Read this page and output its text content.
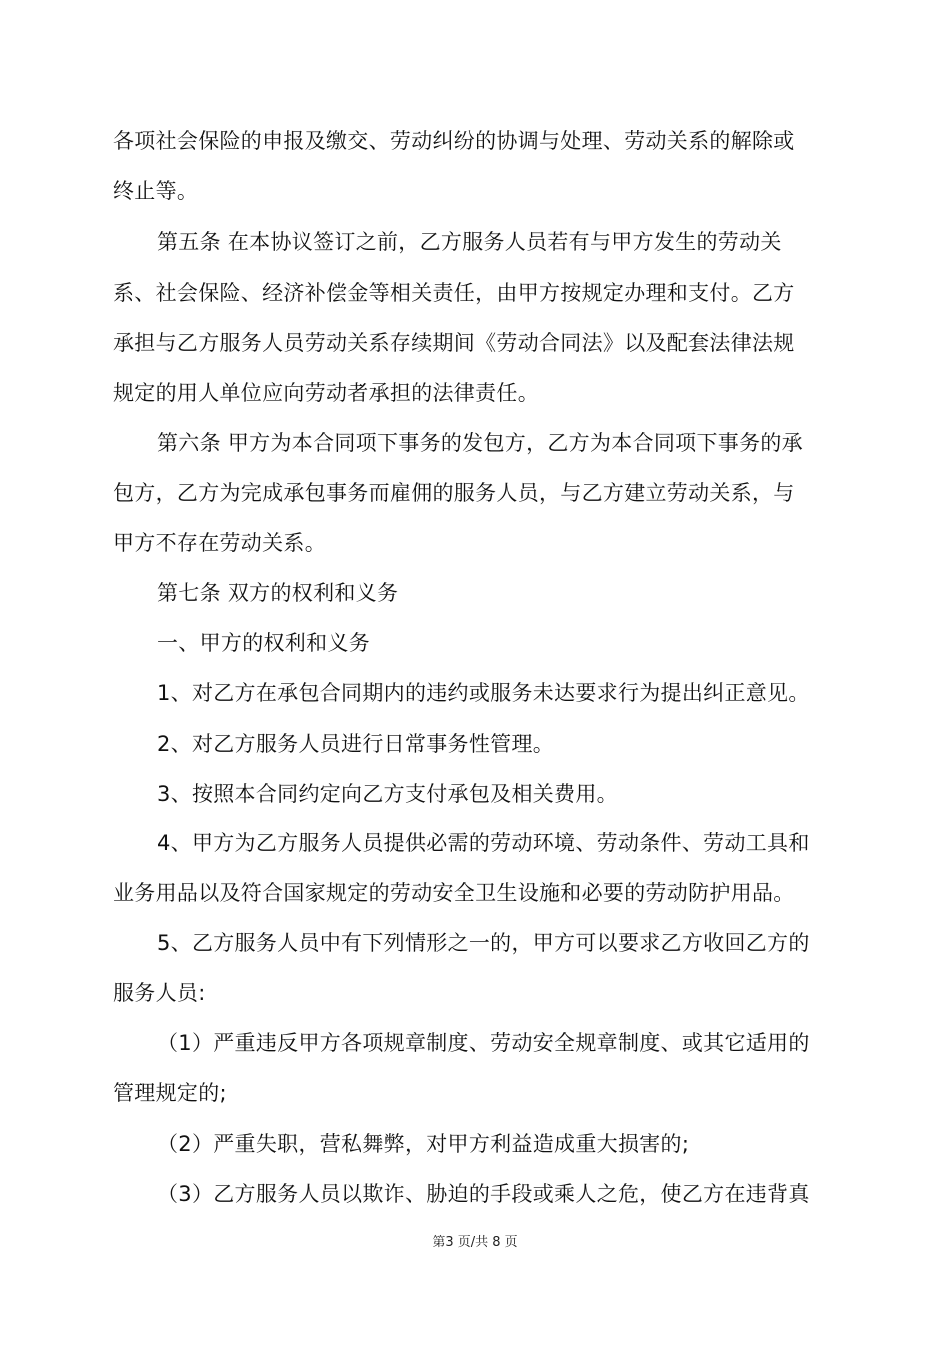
各项社会保险的申报及缴交、劳动纠纷的协调与处理、劳动关系的解除或
终止等。
第五条 在本协议签订之前，乙方服务人员若有与甲方发生的劳动关
系、社会保险、经济补偿金等相关责任，由甲方按规定办理和支付。乙方
承担与乙方服务人员劳动关系存续期间《劳动合同法》以及配套法律法规
规定的用人单位应向劳动者承担的法律责任。
第六条 甲方为本合同项下事务的发包方，乙方为本合同项下事务的承
包方，乙方为完成承包事务而雇佣的服务人员，与乙方建立劳动关系，与
甲方不存在劳动关系。
第七条 双方的权利和义务
一、甲方的权利和义务
1、对乙方在承包合同期内的违约或服务未达要求行为提出纠正意见。
2、对乙方服务人员进行日常事务性管理。
3、按照本合同约定向乙方支付承包及相关费用。
4、甲方为乙方服务人员提供必需的劳动环境、劳动条件、劳动工具和
业务用品以及符合国家规定的劳动安全卫生设施和必要的劳动防护用品。
5、乙方服务人员中有下列情形之一的，甲方可以要求乙方收回乙方的
服务人员:
（1）严重违反甲方各项规章制度、劳动安全规章制度、或其它适用的
管理规定的;
（2）严重失职，营私舞弊，对甲方利益造成重大损害的;
（3）乙方服务人员以欺诈、胁迫的手段或乘人之危，使乙方在违背真
第3 页/共 8 页
